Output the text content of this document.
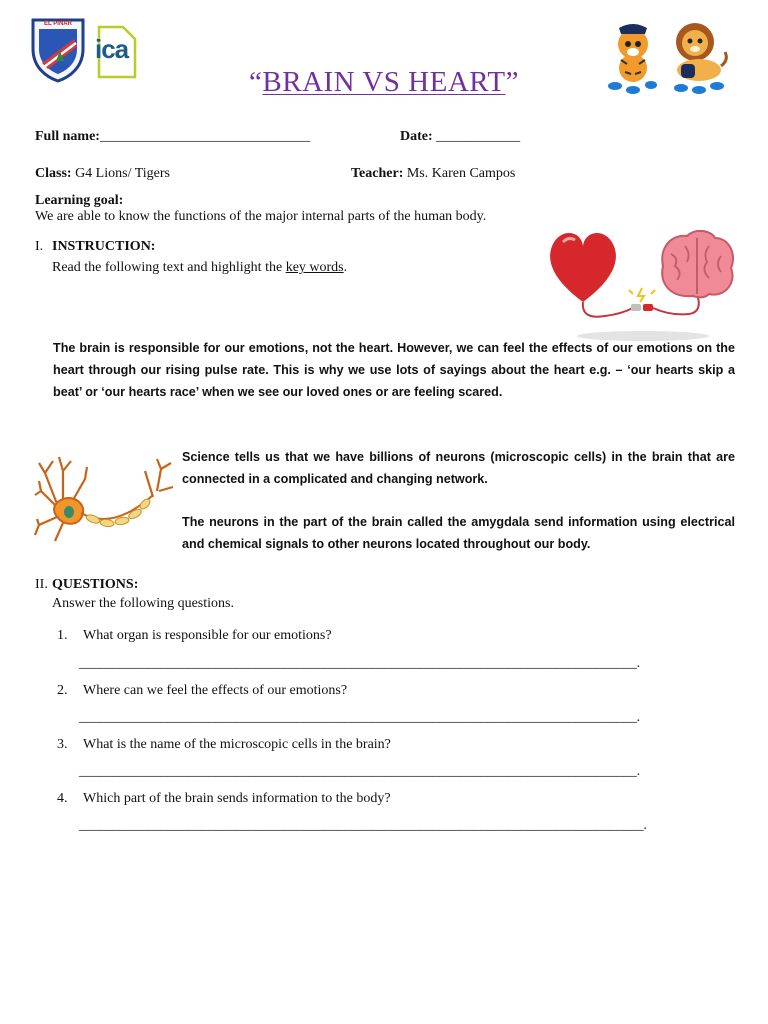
EL PINAR
ica
“BRAIN VS HEART”
Full name:______________________________	Date: ____________
Class: G4 Lions/ Tigers	Teacher: Ms. Karen Campos
Learning goal:
We are able to know the functions of the major internal parts of the human body.
I. INSTRUCTION:
Read the following text and highlight the key words.
The brain is responsible for our emotions, not the heart. However, we can feel the effects of our emotions on the heart through our rising pulse rate. This is why we use lots of sayings about the heart e.g. – ‘our hearts skip a beat’ or ‘our hearts race’ when we see our loved ones or are feeling scared.
Science tells us that we have billions of neurons (microscopic cells) in the brain that are connected in a complicated and changing network.
The neurons in the part of the brain called the amygdala send information using electrical and chemical signals to other neurons located throughout our body.
II. QUESTIONS:
Answer the following questions.
1. What organ is responsible for our emotions?
__________________________________________________________________________________.
2. Where can we feel the effects of our emotions?
__________________________________________________________________________________.
3. What is the name of the microscopic cells in the brain?
__________________________________________________________________________________.
4. Which part of the brain sends information to the body?
___________________________________________________________________________________.
